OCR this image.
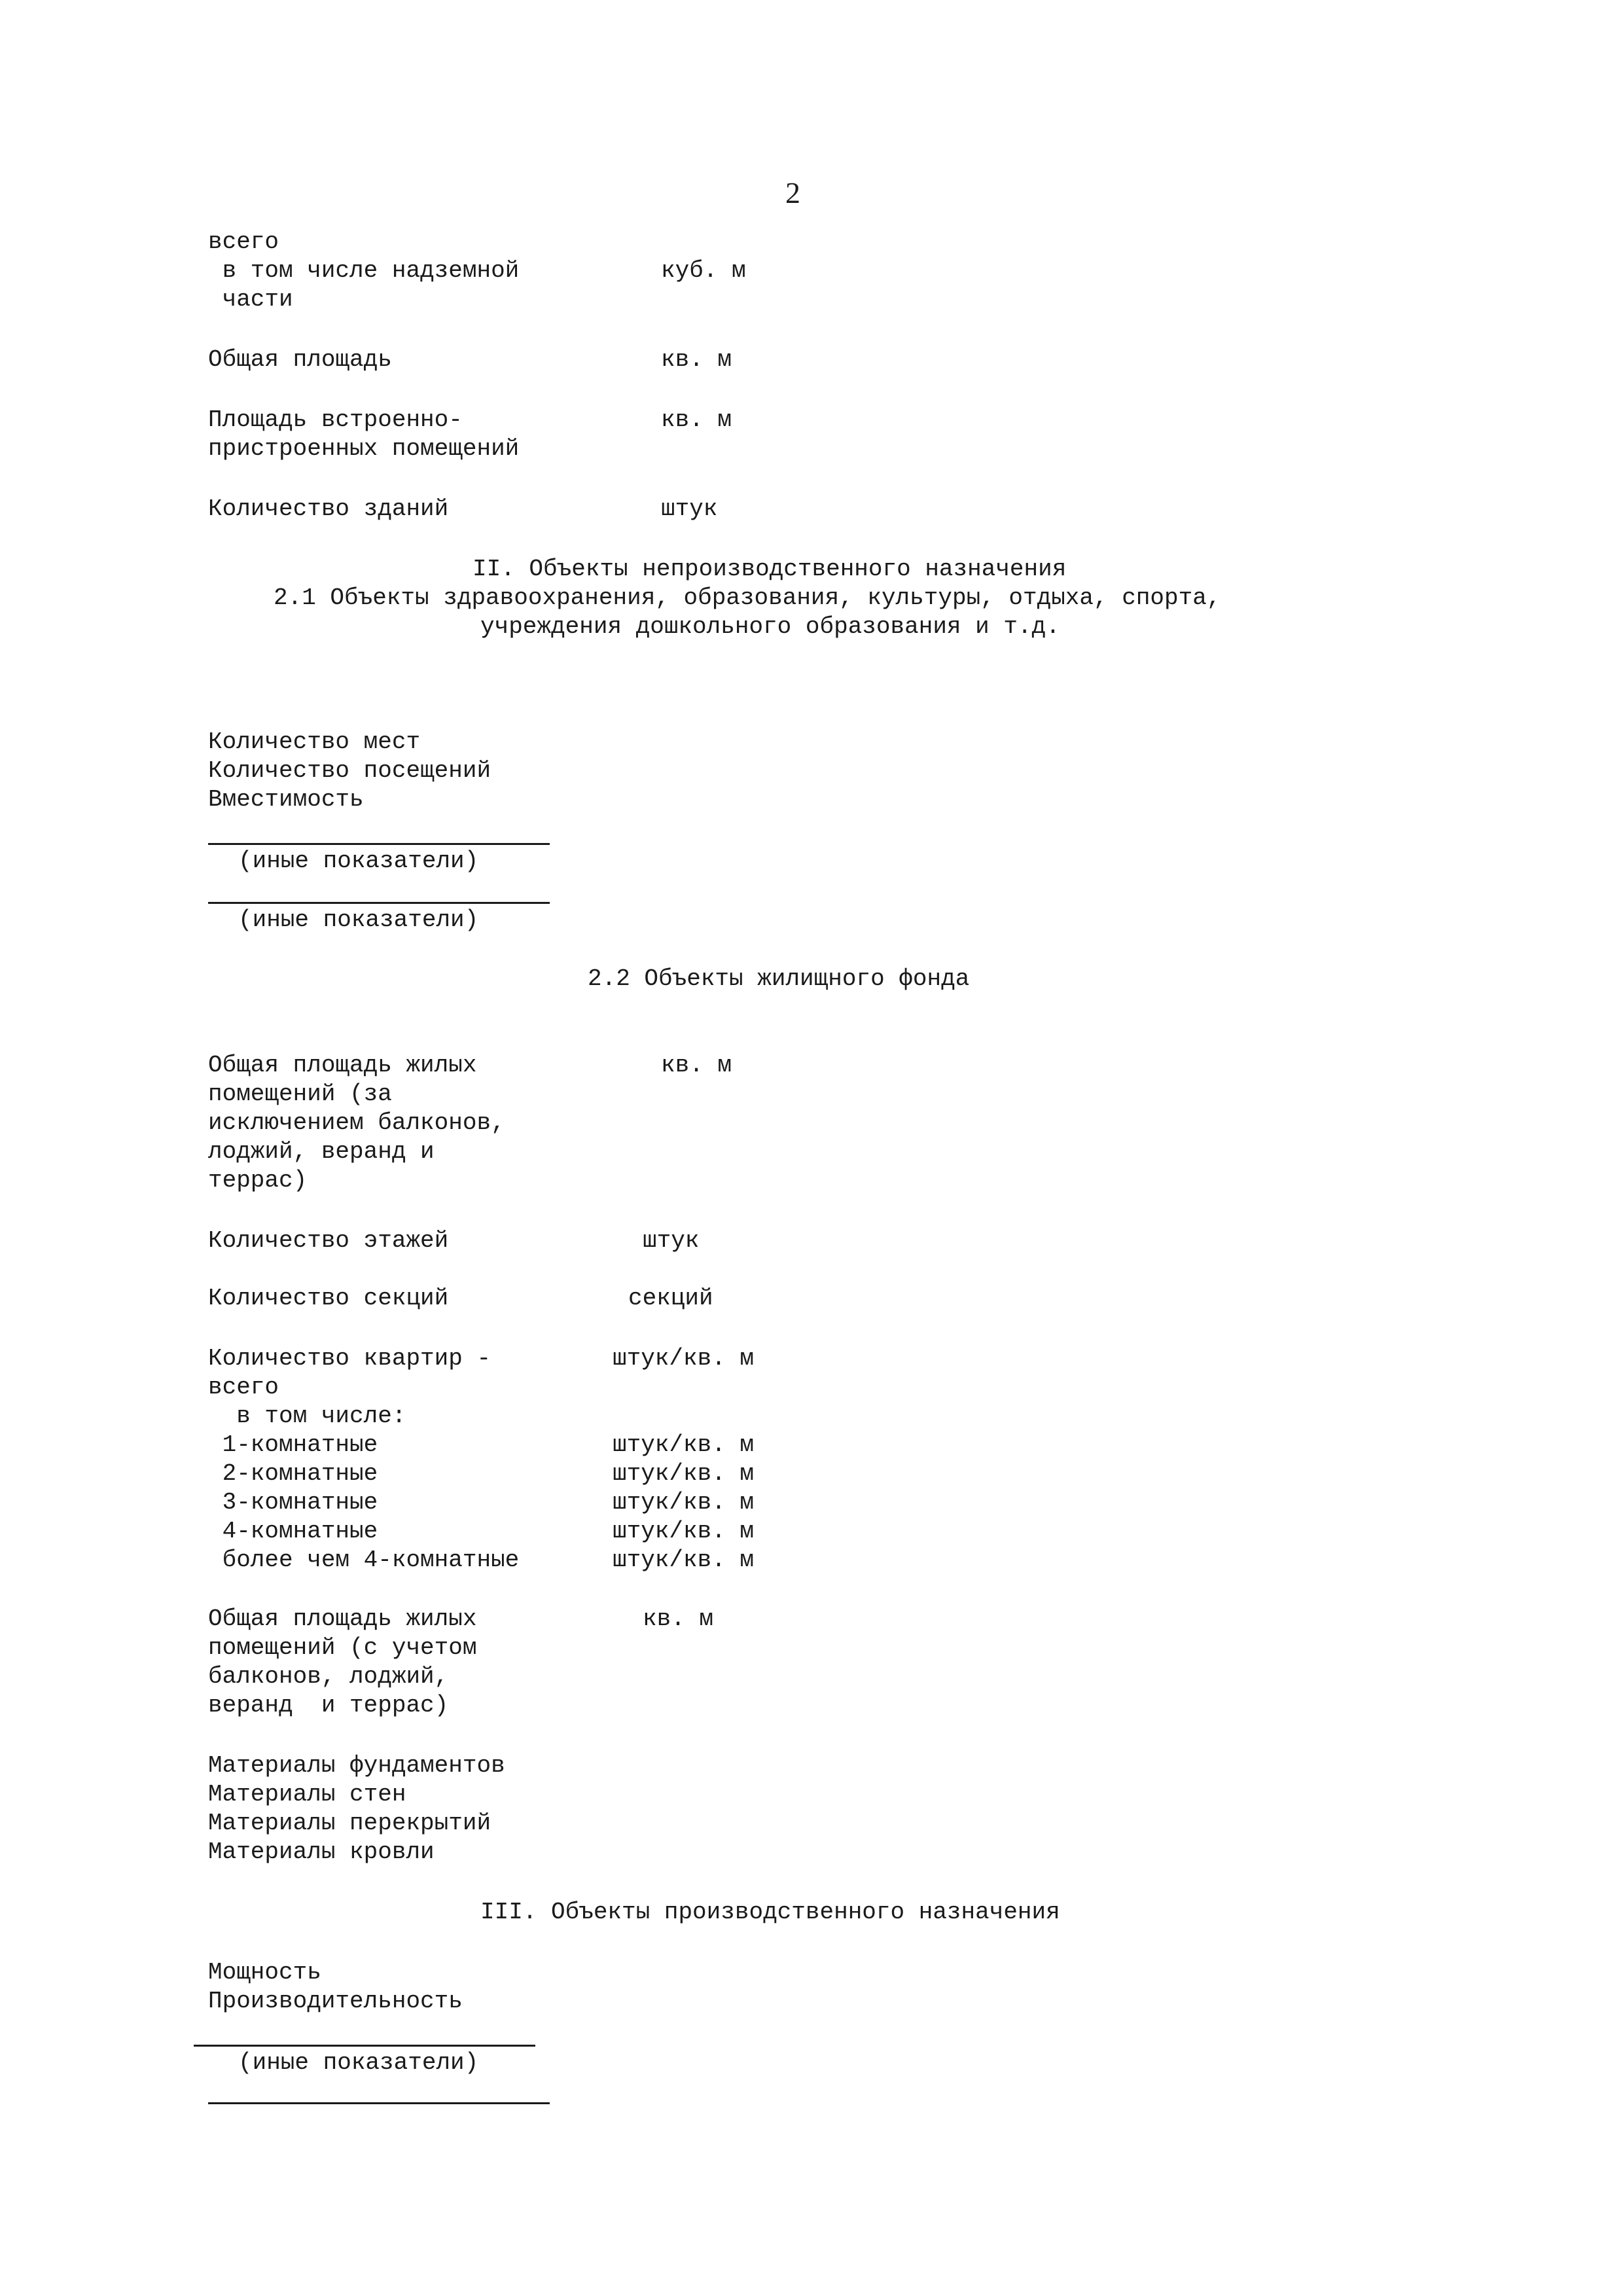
2
всего
в том числе надземной	куб. м
части
Общая площадь	кв. м
Площадь встроенно-	кв. м
пристроенных помещений
Количество зданий	штук
II. Объекты непроизводственного назначения
2.1 Объекты здравоохранения, образования, культуры, отдыха, спорта,
учреждения дошкольного образования и т.д.
Количество мест
Количество посещений
Вместимость
(иные показатели)
(иные показатели)
2.2 Объекты жилищного фонда
Общая площадь жилых	кв. м
помещений (за
исключением балконов,
лоджий, веранд и
террас)
Количество этажей	штук
Количество секций	секций
Количество квартир -	штук/кв. м
всего
в том числе:
1-комнатные	штук/кв. м
2-комнатные	штук/кв. м
3-комнатные	штук/кв. м
4-комнатные	штук/кв. м
более чем 4-комнатные	штук/кв. м
Общая площадь жилых	кв. м
помещений (с учетом
балконов, лоджий,
веранд  и террас)
Материалы фундаментов
Материалы стен
Материалы перекрытий
Материалы кровли
III. Объекты производственного назначения
Мощность
Производительность
(иные показатели)
